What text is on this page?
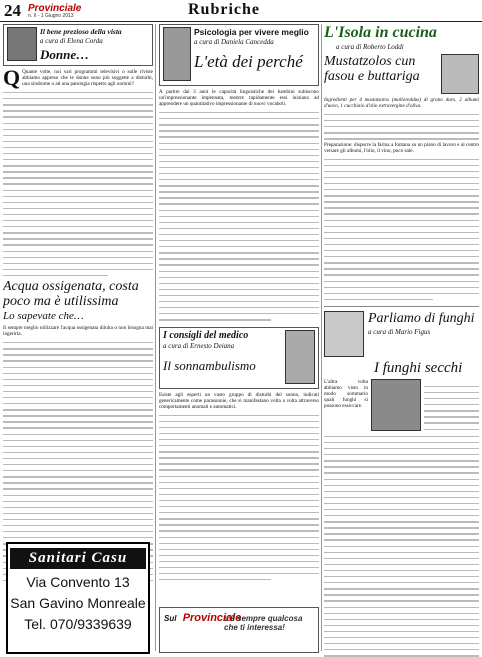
24 Provinciale
n. II - 1 Giugno 2013	Rubriche
Il bene prezioso della vista
a cura di Elena Corda
Donne…
Q Quante volte, noi vari programmi televisivi o sulle riviste abbiamo appreso che le donne sono più soggette a disturbi, una sindrome o ad una patologia rispetto agli uomini?
Acqua ossigenata, costa poco ma è utilissima
Lo sapevate che…
Il sempre meglio utilizzare l'acqua ossigenata diluita o non bisogna mai ingerirla.
Sanitari Casu
Via Convento 13
San Gavino Monreale
Tel. 070/9339639
Psicologia per vivere meglio
a cura di Daniela Cancedda
L'età dei perché
A partire dai 3 anni le capacità linguistiche dei bambini subiscono un'impressionante impennata, mentre rapidamente essi iniziano ad apprendere un quantitativo impressionante di nuovi vocaboli.
I consigli del medico
a cura di Ernesto Deiana
Il sonnambulismo
Esiste agli esperti un vasto gruppo di disturbi del sonno, indicati genericamente come parasonnie, che si manifestano volta a volta attraverso comportamenti anomali e automatici.
Sul Provinciale
c'è sempre qualcosa che ti interessa!
L'Isola in cucina
a cura di Roberto Loddi
Mustatzolos cun fasou e buttariga
Ingredienti per 4 mustatzolos (malloreddus) di grano duro, 2 albumi d'uovo, 1 cucchiaio d'olio extravergine d'oliva.
Preparazione: disporre la farina a fontana su un piano di lavoro e al centro versare gli albumi, l'olio, il vino, poco sale.
Parliamo di funghi
a cura di Mario Figus
I funghi secchi
L'altra volta abbiamo visto in modo sommario quali funghi si possono essiccare.
